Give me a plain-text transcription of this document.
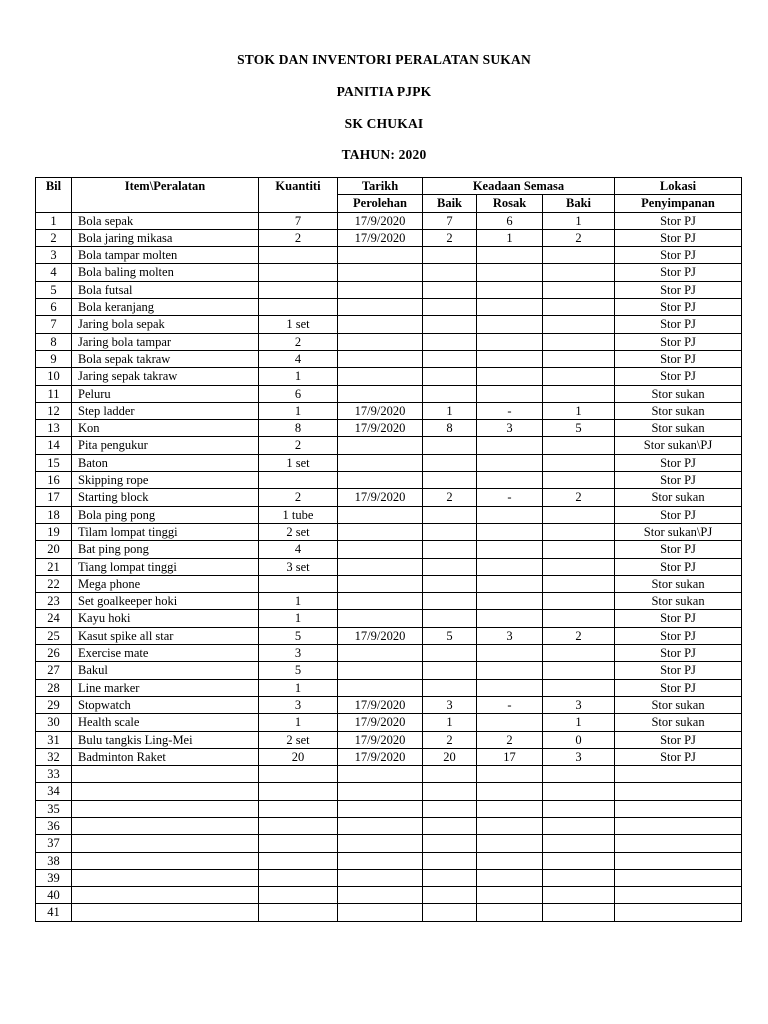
STOK DAN INVENTORI PERALATAN SUKAN
PANITIA PJPK
SK CHUKAI
TAHUN: 2020
Bil	Item\Peralatan	Kuantiti	Tarikh	Keadaan Semasa			Lokasi
			Perolehan	Baik	Rosak	Baki	Penyimpanan
1	Bola sepak	7	17/9/2020	7	6	1	Stor PJ
2	Bola jaring mikasa	2	17/9/2020	2	1	2	Stor PJ
3	Bola tampar molten						Stor PJ
4	Bola baling molten						Stor PJ
5	Bola futsal						Stor PJ
6	Bola keranjang						Stor PJ
7	Jaring bola sepak	1 set					Stor PJ
8	Jaring bola tampar	2					Stor PJ
9	Bola sepak takraw	4					Stor PJ
10	Jaring sepak takraw	1					Stor PJ
11	Peluru	6					Stor sukan
12	Step ladder	1	17/9/2020	1	-	1	Stor sukan
13	Kon	8	17/9/2020	8	3	5	Stor sukan
14	Pita pengukur	2					Stor sukan\PJ
15	Baton	1 set					Stor PJ
16	Skipping rope						Stor PJ
17	Starting block	2	17/9/2020	2	-	2	Stor sukan
18	Bola ping pong	1 tube					Stor PJ
19	Tilam lompat tinggi	2 set					Stor sukan\PJ
20	Bat ping pong	4					Stor PJ
21	Tiang lompat tinggi	3 set					Stor PJ
22	Mega phone						Stor sukan
23	Set goalkeeper hoki	1					Stor sukan
24	Kayu hoki	1					Stor PJ
25	Kasut spike all star	5	17/9/2020	5	3	2	Stor PJ
26	Exercise mate	3					Stor PJ
27	Bakul	5					Stor PJ
28	Line marker	1					Stor PJ
29	Stopwatch	3	17/9/2020	3	-	3	Stor sukan
30	Health scale	1	17/9/2020	1		1	Stor sukan
31	Bulu tangkis Ling-Mei	2 set	17/9/2020	2	2	0	Stor PJ
32	Badminton Raket	20	17/9/2020	20	17	3	Stor PJ
33							
34							
35							
36							
37							
38							
39							
40							
41							
